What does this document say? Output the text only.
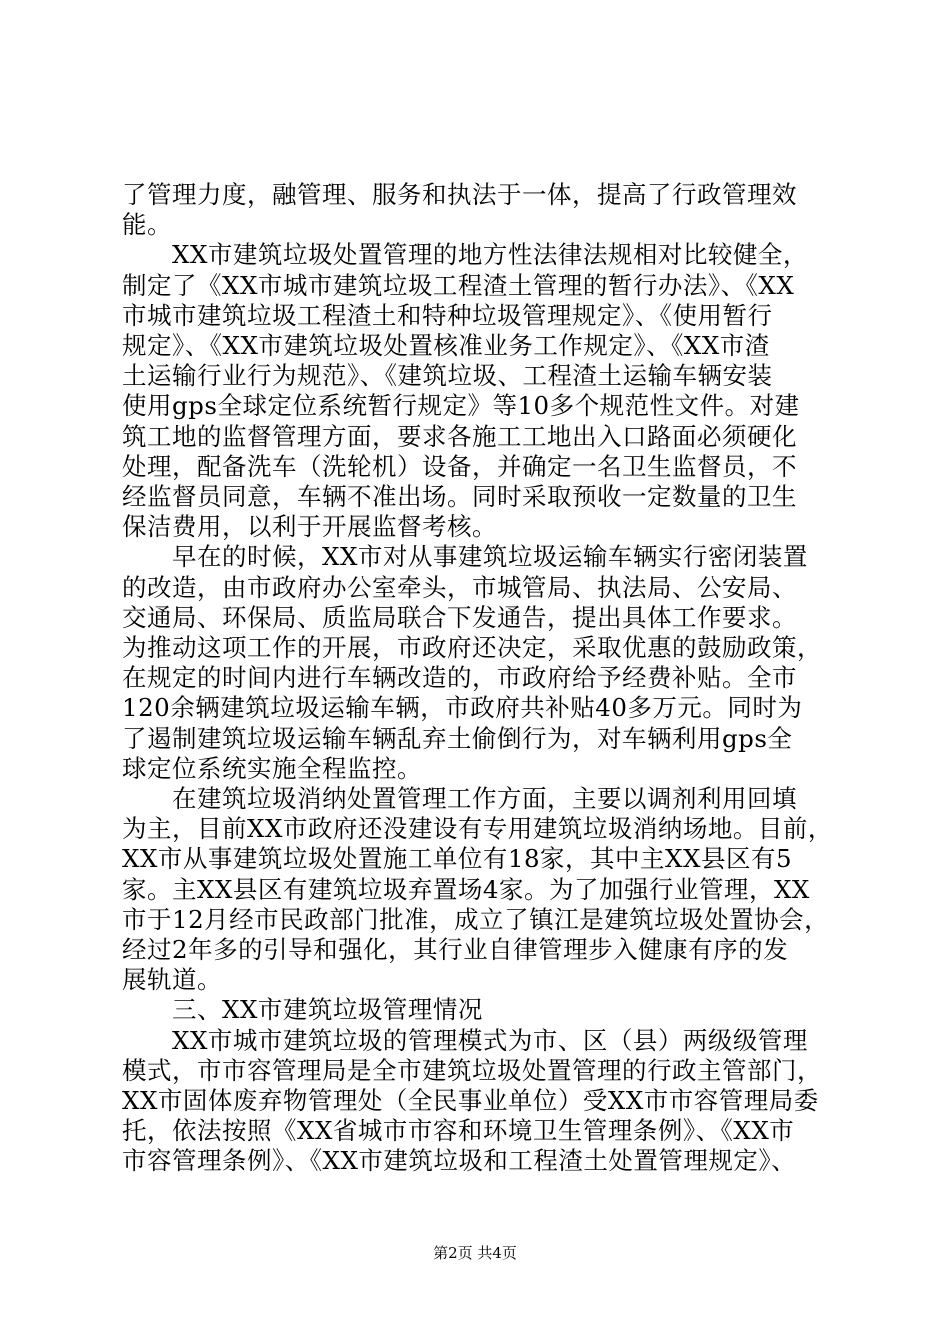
了管理力度，融管理、服务和执法于一体，提高了行政管理效
能。
　　XX市建筑垃圾处置管理的地方性法律法规相对比较健全，
制定了《XX市城市建筑垃圾工程渣土管理的暂行办法》、《XX
市城市建筑垃圾工程渣土和特种垃圾管理规定》、《使用暂行
规定》、《XX市建筑垃圾处置核准业务工作规定》、《XX市渣
土运输行业行为规范》、《建筑垃圾、工程渣土运输车辆安装
使用gps全球定位系统暂行规定》等10多个规范性文件。对建
筑工地的监督管理方面，要求各施工工地出入口路面必须硬化
处理，配备洗车（洗轮机）设备，并确定一名卫生监督员，不
经监督员同意，车辆不准出场。同时采取预收一定数量的卫生
保洁费用，以利于开展监督考核。
　　早在的时候，XX市对从事建筑垃圾运输车辆实行密闭装置
的改造，由市政府办公室牵头，市城管局、执法局、公安局、
交通局、环保局、质监局联合下发通告，提出具体工作要求。
为推动这项工作的开展，市政府还决定，采取优惠的鼓励政策，
在规定的时间内进行车辆改造的，市政府给予经费补贴。全市
120余辆建筑垃圾运输车辆，市政府共补贴40多万元。同时为
了遏制建筑垃圾运输车辆乱弃土偷倒行为，对车辆利用gps全
球定位系统实施全程监控。
　　在建筑垃圾消纳处置管理工作方面，主要以调剂利用回填
为主，目前XX市政府还没建设有专用建筑垃圾消纳场地。目前，
XX市从事建筑垃圾处置施工单位有18家，其中主XX县区有5
家。主XX县区有建筑垃圾弃置场4家。为了加强行业管理，XX
市于12月经市民政部门批准，成立了镇江是建筑垃圾处置协会，
经过2年多的引导和强化，其行业自律管理步入健康有序的发
展轨道。
　　三、XX市建筑垃圾管理情况
　　XX市城市建筑垃圾的管理模式为市、区（县）两级级管理
模式，市市容管理局是全市建筑垃圾处置管理的行政主管部门，
XX市固体废弃物管理处（全民事业单位）受XX市市容管理局委
托，依法按照《XX省城市市容和环境卫生管理条例》、《XX市
市容管理条例》、《XX市建筑垃圾和工程渣土处置管理规定》、
第2页 共4页
